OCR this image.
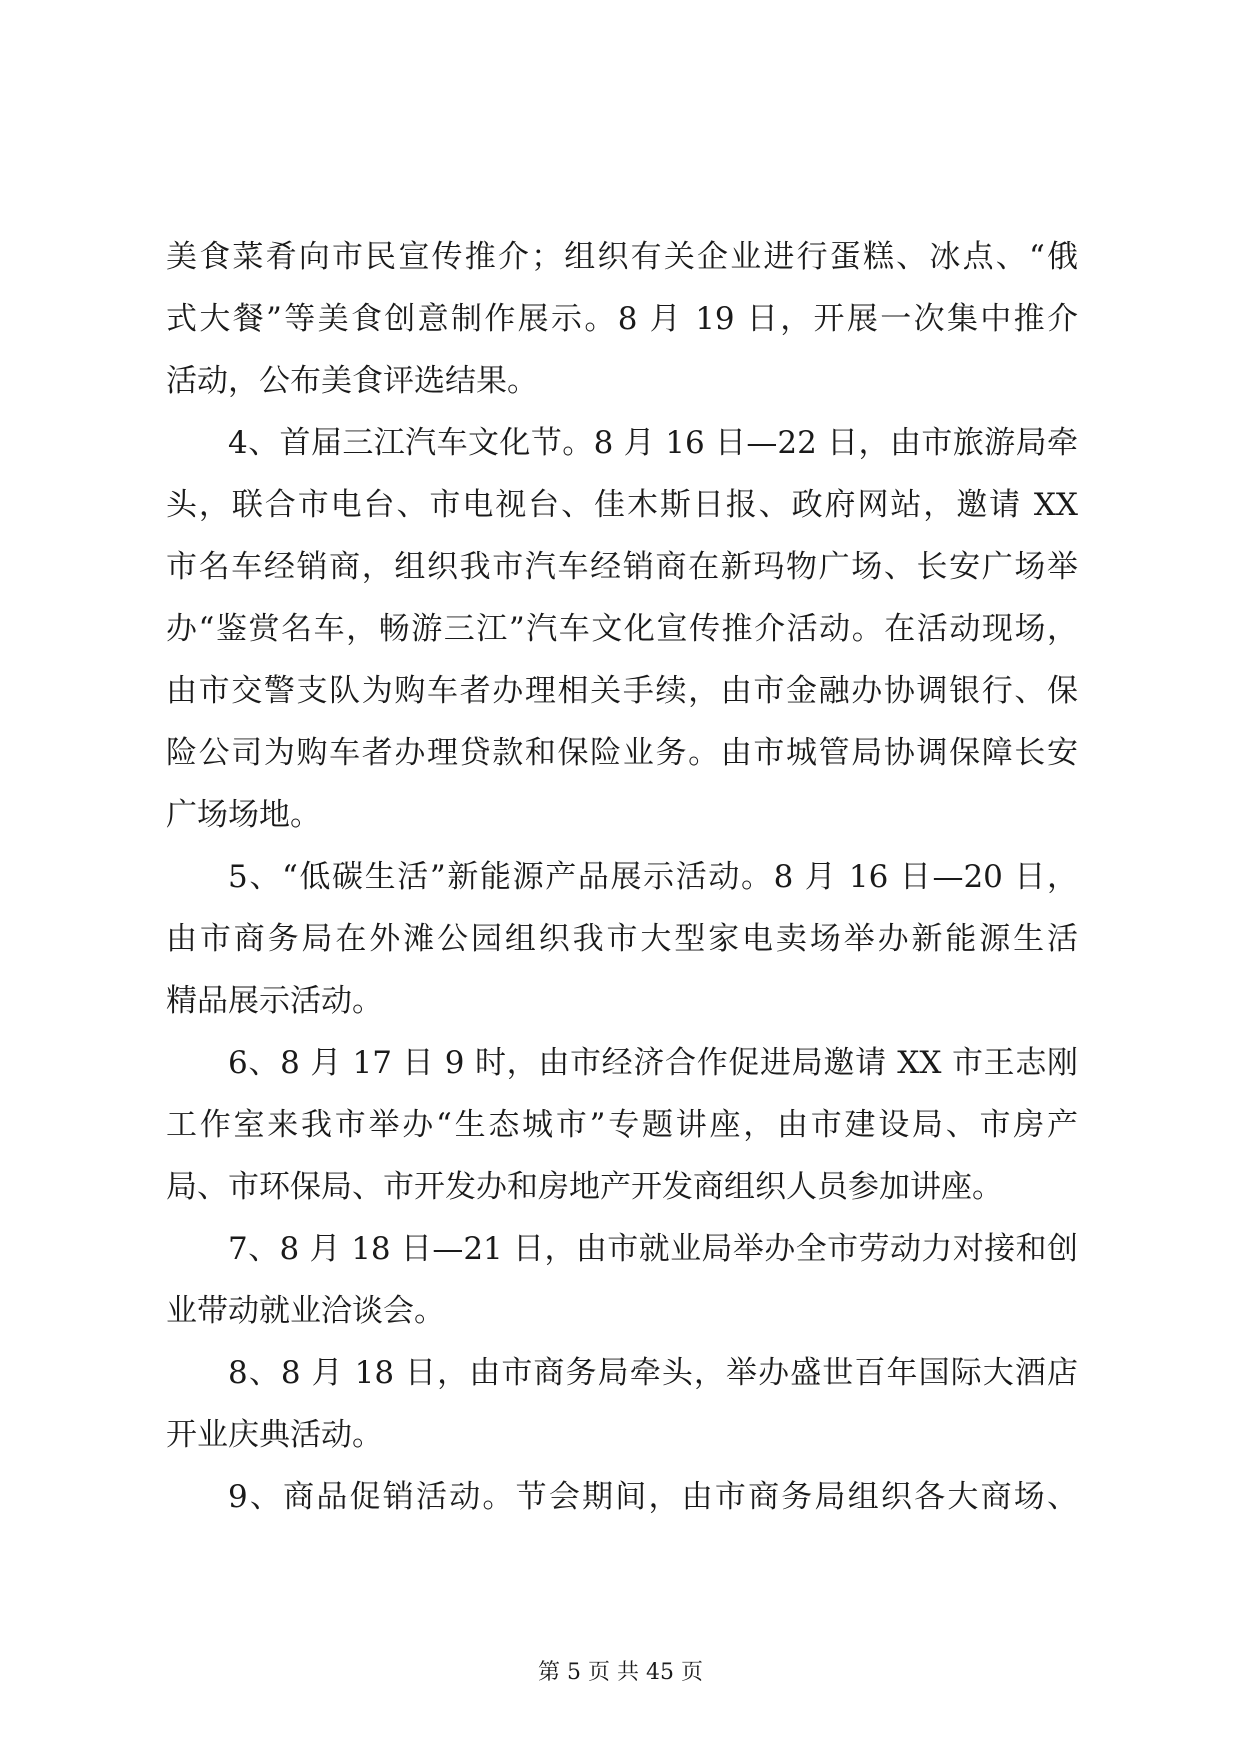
美食菜肴向市民宣传推介；组织有关企业进行蛋糕、冰点、“俄
式大餐”等美食创意制作展示。8 月 19 日，开展一次集中推介
活动，公布美食评选结果。
4、首届三江汽车文化节。8 月 16 日—22 日，由市旅游局牵
头，联合市电台、市电视台、佳木斯日报、政府网站，邀请 XX
市名车经销商，组织我市汽车经销商在新玛物广场、长安广场举
办“鉴赏名车，畅游三江”汽车文化宣传推介活动。在活动现场，
由市交警支队为购车者办理相关手续，由市金融办协调银行、保
险公司为购车者办理贷款和保险业务。由市城管局协调保障长安
广场场地。
5、“低碳生活”新能源产品展示活动。8 月 16 日—20 日，
由市商务局在外滩公园组织我市大型家电卖场举办新能源生活
精品展示活动。
6、8 月 17 日 9 时，由市经济合作促进局邀请 XX 市王志刚
工作室来我市举办“生态城市”专题讲座，由市建设局、市房产
局、市环保局、市开发办和房地产开发商组织人员参加讲座。
7、8 月 18 日—21 日，由市就业局举办全市劳动力对接和创
业带动就业洽谈会。
8、8 月 18 日，由市商务局牵头，举办盛世百年国际大酒店
开业庆典活动。
9、商品促销活动。节会期间，由市商务局组织各大商场、
第 5 页 共 45 页
